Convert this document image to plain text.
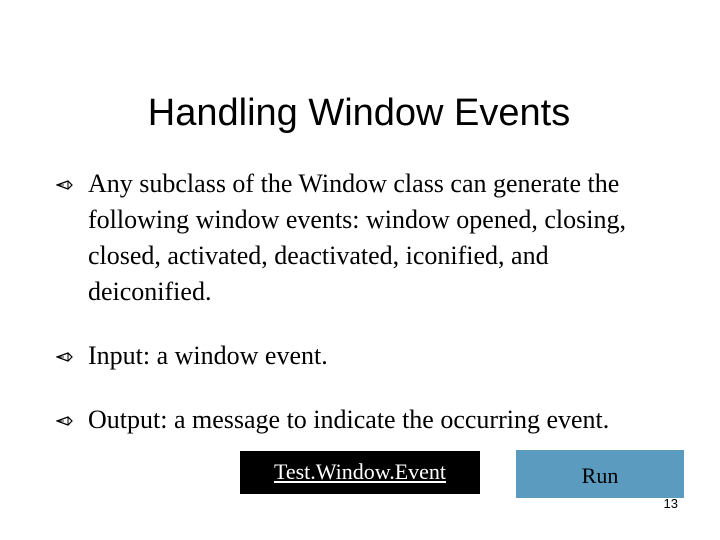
Handling Window Events
Any subclass of the Window class can generate the following window events: window opened, closing, closed, activated, deactivated, iconified, and deiconified.
Input: a window event.
Output: a message to indicate the occurring event.
Test.Window.Event	Run
13
